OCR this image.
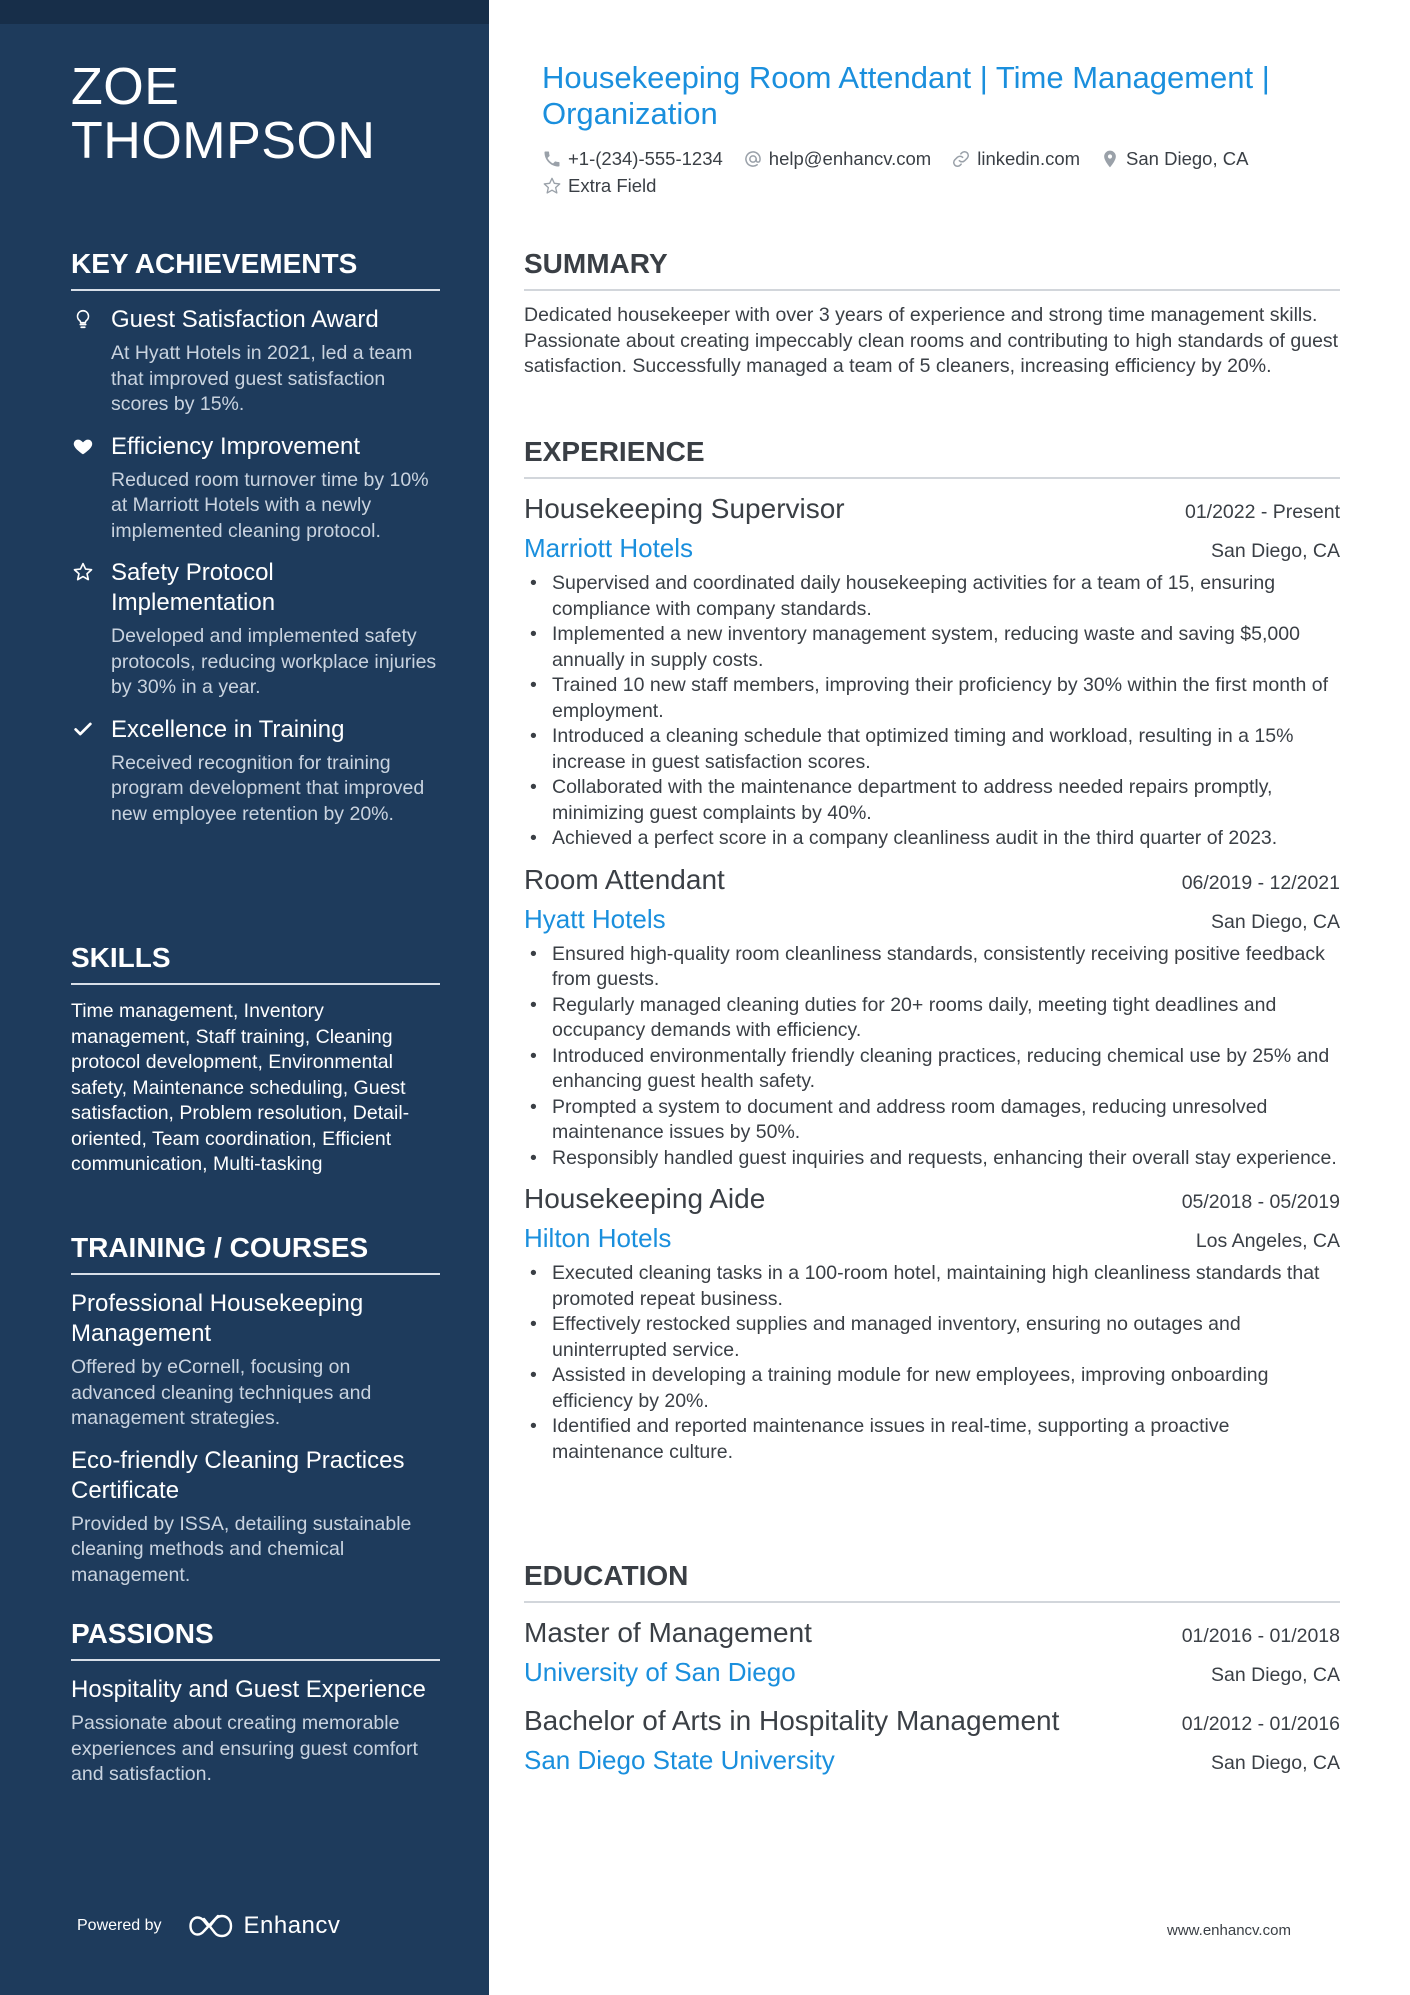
ZOE
THOMPSON
KEY ACHIEVEMENTS
Guest Satisfaction Award
At Hyatt Hotels in 2021, led a team that improved guest satisfaction scores by 15%.
Efficiency Improvement
Reduced room turnover time by 10% at Marriott Hotels with a newly implemented cleaning protocol.
Safety Protocol Implementation
Developed and implemented safety protocols, reducing workplace injuries by 30% in a year.
Excellence in Training
Received recognition for training program development that improved new employee retention by 20%.
SKILLS
Time management, Inventory management, Staff training, Cleaning protocol development, Environmental safety, Maintenance scheduling, Guest satisfaction, Problem resolution, Detail-oriented, Team coordination, Efficient communication, Multi-tasking
TRAINING / COURSES
Professional Housekeeping Management
Offered by eCornell, focusing on advanced cleaning techniques and management strategies.
Eco-friendly Cleaning Practices Certificate
Provided by ISSA, detailing sustainable cleaning methods and chemical management.
PASSIONS
Hospitality and Guest Experience
Passionate about creating memorable experiences and ensuring guest comfort and satisfaction.
Powered by	Enhancv
Housekeeping Room Attendant | Time Management | Organization
+1-(234)-555-1234 help@enhancv.com linkedin.com San Diego, CA
Extra Field
SUMMARY

Dedicated housekeeper with over 3 years of experience and strong time management skills. Passionate about creating impeccably clean rooms and contributing to high standards of guest satisfaction. Successfully managed a team of 5 cleaners, increasing efficiency by 20%.

EXPERIENCE
Housekeeping Supervisor	01/2022 - Present
Marriott Hotels	San Diego, CA
• Supervised and coordinated daily housekeeping activities for a team of 15, ensuring compliance with company standards.
• Implemented a new inventory management system, reducing waste and saving $5,000 annually in supply costs.
• Trained 10 new staff members, improving their proficiency by 30% within the first month of employment.
• Introduced a cleaning schedule that optimized timing and workload, resulting in a 15% increase in guest satisfaction scores.
• Collaborated with the maintenance department to address needed repairs promptly, minimizing guest complaints by 40%.
• Achieved a perfect score in a company cleanliness audit in the third quarter of 2023.
Room Attendant	06/2019 - 12/2021
Hyatt Hotels	San Diego, CA
• Ensured high-quality room cleanliness standards, consistently receiving positive feedback from guests.
• Regularly managed cleaning duties for 20+ rooms daily, meeting tight deadlines and occupancy demands with efficiency.
• Introduced environmentally friendly cleaning practices, reducing chemical use by 25% and enhancing guest health safety.
• Prompted a system to document and address room damages, reducing unresolved maintenance issues by 50%.
• Responsibly handled guest inquiries and requests, enhancing their overall stay experience.
Housekeeping Aide	05/2018 - 05/2019
Hilton Hotels	Los Angeles, CA
• Executed cleaning tasks in a 100-room hotel, maintaining high cleanliness standards that promoted repeat business.
• Effectively restocked supplies and managed inventory, ensuring no outages and uninterrupted service.
• Assisted in developing a training module for new employees, improving onboarding efficiency by 20%.
• Identified and reported maintenance issues in real-time, supporting a proactive maintenance culture.
EDUCATION
Master of Management	01/2016 - 01/2018
University of San Diego	San Diego, CA
Bachelor of Arts in Hospitality Management	01/2012 - 01/2016
San Diego State University	San Diego, CA
www.enhancv.com
